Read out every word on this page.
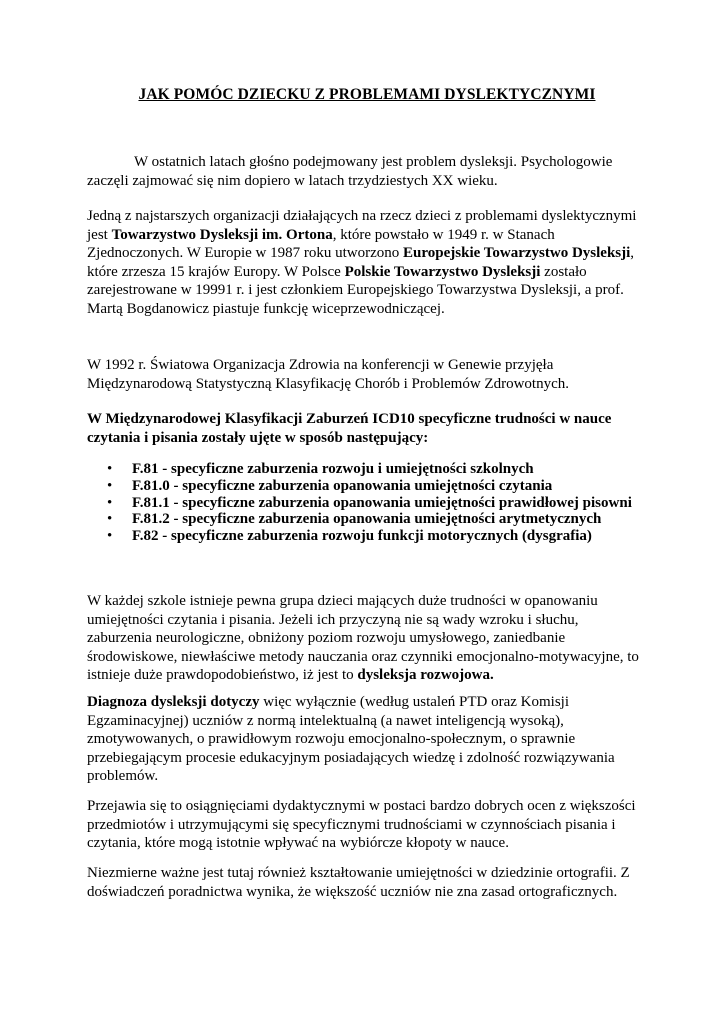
JAK POMÓC DZIECKU Z PROBLEMAMI DYSLEKTYCZNYMI

W ostatnich latach głośno podejmowany jest problem dysleksji. Psychologowie zaczęli zajmować się nim dopiero w latach trzydziestych XX wieku.

Jedną z najstarszych organizacji działających na rzecz dzieci z problemami dyslektycznymi jest Towarzystwo Dysleksji im. Ortona, które powstało w 1949 r. w Stanach Zjednoczonych. W Europie w 1987 roku utworzono Europejskie Towarzystwo Dysleksji, które zrzesza 15 krajów Europy. W Polsce Polskie Towarzystwo Dysleksji zostało zarejestrowane w 19991 r. i jest członkiem Europejskiego Towarzystwa Dysleksji, a prof. Martą Bogdanowicz piastuje funkcję wiceprzewodniczącej.

W 1992 r. Światowa Organizacja Zdrowia na konferencji w Genewie przyjęła Międzynarodową Statystyczną Klasyfikację Chorób i Problemów Zdrowotnych.

W Międzynarodowej Klasyfikacji Zaburzeń ICD10 specyficzne trudności w nauce czytania i pisania zostały ujęte w sposób następujący:

• F.81 - specyficzne zaburzenia rozwoju i umiejętności szkolnych
• F.81.0 - specyficzne zaburzenia opanowania umiejętności czytania
• F.81.1 - specyficzne zaburzenia opanowania umiejętności prawidłowej pisowni
• F.81.2 - specyficzne zaburzenia opanowania umiejętności arytmetycznych
• F.82 - specyficzne zaburzenia rozwoju funkcji motorycznych (dysgrafia)

W każdej szkole istnieje pewna grupa dzieci mających duże trudności w opanowaniu umiejętności czytania i pisania. Jeżeli ich przyczyną nie są wady wzroku i słuchu, zaburzenia neurologiczne, obniżony poziom rozwoju umysłowego, zaniedbanie środowiskowe, niewłaściwe metody nauczania oraz czynniki emocjonalno-motywacyjne, to istnieje duże prawdopodobieństwo, iż jest to dysleksja rozwojowa.

Diagnoza dysleksji dotyczy więc wyłącznie (według ustaleń PTD oraz Komisji Egzaminacyjnej) uczniów z normą intelektualną (a nawet inteligencją wysoką), zmotywowanych, o prawidłowym rozwoju emocjonalno-społecznym, o sprawnie przebiegającym procesie edukacyjnym posiadających wiedzę i zdolność rozwiązywania problemów.

Przejawia się to osiągnięciami dydaktycznymi w postaci bardzo dobrych ocen z większości przedmiotów i utrzymującymi się specyficznymi trudnościami w czynnościach pisania i czytania, które mogą istotnie wpływać na wybiórcze kłopoty w nauce.

Niezmierne ważne jest tutaj również kształtowanie umiejętności w dziedzinie ortografii. Z doświadczeń poradnictwa wynika, że większość uczniów nie zna zasad ortograficznych.
